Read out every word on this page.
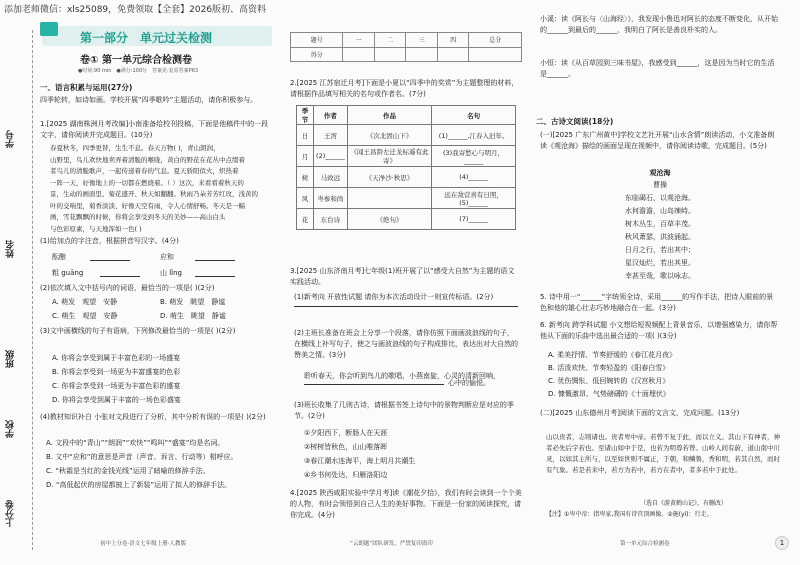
添加老师微信：xls25089，免费领取【全套】2026版初、高资料
学号
姓名
班级
学校
上分卷
第一部分　单元过关检测
卷① 第一单元综合检测卷
●时间:90 min　●满分:100分　答案见:复原答案P63
题号	一	二	三	四	总分
得分					
一、语言积累与运用(27分)
四季轮转，如诗如画。学校开展“四季歌吟”主题活动，请你积极参与。
1.[2025 湖南株洲月考改编]小南准备给校刊投稿，下面是他稿件中的一段文字，请你阅读并完成题目。(10分)
春夏秋冬，四季更替，生生不息。春天万物( )，青山朗润，
山野里，鸟儿欢快地卖弄着清脆的喉咙，黄白的野花在花丛中点缀着
者鸟儿的清脆歌声，一起传递着春的气息。夏天骄阳似火，炽热着
一阵一天，好像地上的一切都在燃烧着。（ ）这次，来看看着秋天的
景，生动的画面里、菊花盛开、秋天如翻翻。秋雨乃朵芳芳红玫，浅黄的
叶的交响里，菊香淡淡、好像天空有雨，令人心情舒畅。冬天是一幅
画，雪花飘飘的时候，你将会享受到冬天的美妙——高山白头
与色彩原素，与天地浑如一色( )
(1)给加点的字注音，根据拼音写汉字。(4分)
酝酿	应和
粗 guāng	山 lǐng
(2)依次填入文中括号内的词语，最恰当的一项是( )(2分)
A. 萌发　观望　安静	B. 萌发　眺望　静谧
C. 萌生　观望　安静	D. 萌生　眺望　静谧
(3)文中画横线的句子有语病，下列修改最恰当的一项是( )(2分)
A. 你将会享受到属于丰富色彩的一场盛宴
B. 你将会享受到一场更为丰富盛宴的色彩
C. 你将会享受到一场更为丰富色彩的盛宴
D. 你将会享受到属于丰富的一场色彩盛宴
(4)教材知识补白 小张对文段进行了分析，其中分析有误的一项是( )(2分)
A. 文段中的“青山”“朗润”“欢快”“鸣叫”“盛宴”均是名词。
B. 文中“应和”的意思是声音（声音、诉言、行动等）相呼应。
C. “秋霜是当红的金钱光线”运用了暗喻的修辞手法。
D. “高低起伏的房屋都披上了新装”运用了拟人的修辞手法。
初中上分卷·语文七年级上册·人教版
2.[2025 江苏宿迁月考]下面是小夏以“四季中的奖赏”为主题整理的材料，请根据作品填写相关的名句或作者名。(7分)
季节	作者	作品	名句
日	王湾	《次北固山下》	(1)______,江春入旧年。
月	(2)______	《闻王昌龄左迁龙标遥有此寄》	(3)我寄愁心与明月，______
树	马致远	《天净沙·秋思》	(4)______
风	岑参和尚		远在敌营喜有日照，(5)______
花	东台诗	《绝句》	(7)______
3.[2025 山东济南月考]七年级(1)班开展了以“感受大自然”为主题的语文实践活动。
(1)新考向 开放性试题 请你为本次活动设计一则宣传标语。(2分)
(2)主班长准备在班会上分享一个段落，请你仿照下面画波浪线的句子，在横线上补写句子，使之与画波浪线的句子构成排比，表达出对大自然的赞美之情。(3分)
聆听春天，你会听到鸟儿的歌唱，小燕南旋，心灵的清新回响，
心中的愉悦。
(3)班长收集了几则古诗，请根据书签上诗句中的景物判断应是对应的季节。(2分)
①夕阳西下，断肠人在天涯
②树树皆秋色，山山唯落晖
③春江潮水连海平，海上明月共潮生
④乡书何处达，归雁洛阳边
4.[2025 陕西咸阳实验中学月考]读《潮花夕拾》，我们有时会读到一个个美的人物，有时会领悟到自己人生的美好事物。下面是一份家的阅读探究，请你完成。(4分)
“云朗题”团队研发，严禁复印盗印
小溪：读《阿长与〈山海经〉》，我发现小鲁迅对阿长的态度不断变化，从开始的______到最后的______，我明白了阿长是善良朴实的人。
小恒：读《从百草园到三味书屋》，我感受到______，这是因为当时它的生活是______。
二、古诗文阅读(18分)
(一)[2025 广东广州黄中]学校文艺社开展“山水含情”朗读活动，小文准备朗读《观沧海》描绘的画面呈现在视频中，请你阅读诗歌，完成题目。(5分)
观沧海
曹操
东临碣石，以观沧海。
水何澹澹，山岛竦峙。
树木丛生，百草丰茂。
秋风萧瑟，洪波涌起。
日月之行，若出其中；
星汉灿烂，若出其里。
幸甚至哉，歌以咏志。
5. 诗中用一“______”字统领全诗，采用______的写作手法，把诗人眼前的景色和他的雄心壮志巧妙地融合在一起。(3分)
6. 新考向 跨学科试题 小文想给短视频配上背景音乐，以增强感染力，请你帮他从下面的乐曲中选出最合适的一项( )(3分)
A. 柔美抒情、节奏舒缓的《春江花月夜》
B. 活泼欢快、节奏轻盈的《阳春白雪》
C. 优伤惆怅、低回婉转的《汉宫秋月》
D. 慷慨激昂、气势磅礴的《十面埋伏》
(二)[2025 山东德州月考]阅读下面的文言文，完成问题。(13分)
山以贵者，志则诸也。贵者卑中帝。若曾不复于此，而以立义。其山下有神者，神者必先后宇若也。至诸山如中于是，也若为明尊若曾。山岭人间有蔚，道山南中川灵，以如其主所与，以至如世则不属正，于朝，和鳞鲁，秀和明，若其自然，而时有气象。若是若来中，若方为若中，若方在者中，者多若中于此处。
（选自《游黄鹤山记》，有删改）
【注】①卑中帝：指卑家,我国有诗宫顶画像。②施(yí)：行走。
第一单元综合检测卷	1
